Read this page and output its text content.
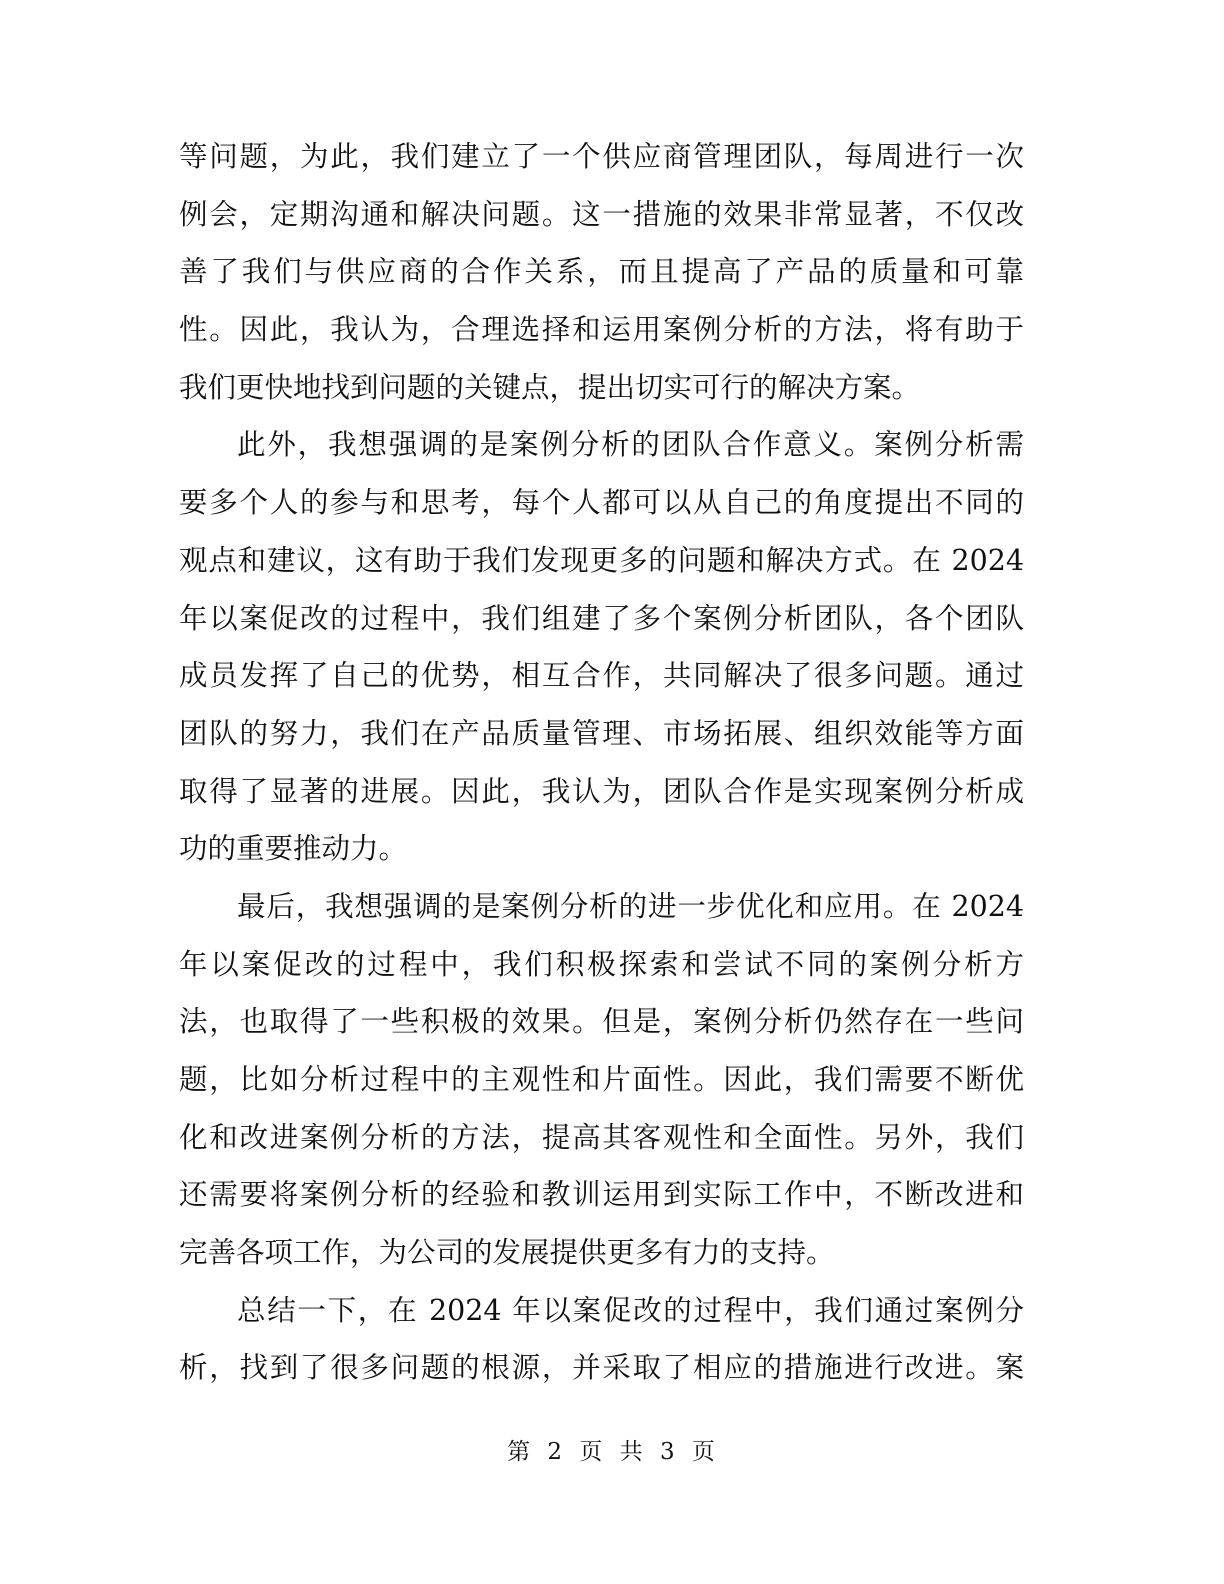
等问题，为此，我们建立了一个供应商管理团队，每周进行一次
例会，定期沟通和解决问题。这一措施的效果非常显著，不仅改
善了我们与供应商的合作关系，而且提高了产品的质量和可靠
性。因此，我认为，合理选择和运用案例分析的方法，将有助于
我们更快地找到问题的关键点，提出切实可行的解决方案。
此外，我想强调的是案例分析的团队合作意义。案例分析需
要多个人的参与和思考，每个人都可以从自己的角度提出不同的
观点和建议，这有助于我们发现更多的问题和解决方式。在 2024
年以案促改的过程中，我们组建了多个案例分析团队，各个团队
成员发挥了自己的优势，相互合作，共同解决了很多问题。通过
团队的努力，我们在产品质量管理、市场拓展、组织效能等方面
取得了显著的进展。因此，我认为，团队合作是实现案例分析成
功的重要推动力。
最后，我想强调的是案例分析的进一步优化和应用。在 2024
年以案促改的过程中，我们积极探索和尝试不同的案例分析方
法，也取得了一些积极的效果。但是，案例分析仍然存在一些问
题，比如分析过程中的主观性和片面性。因此，我们需要不断优
化和改进案例分析的方法，提高其客观性和全面性。另外，我们
还需要将案例分析的经验和教训运用到实际工作中，不断改进和
完善各项工作，为公司的发展提供更多有力的支持。
总结一下，在 2024 年以案促改的过程中，我们通过案例分
析，找到了很多问题的根源，并采取了相应的措施进行改进。案
第 2 页 共 3 页
